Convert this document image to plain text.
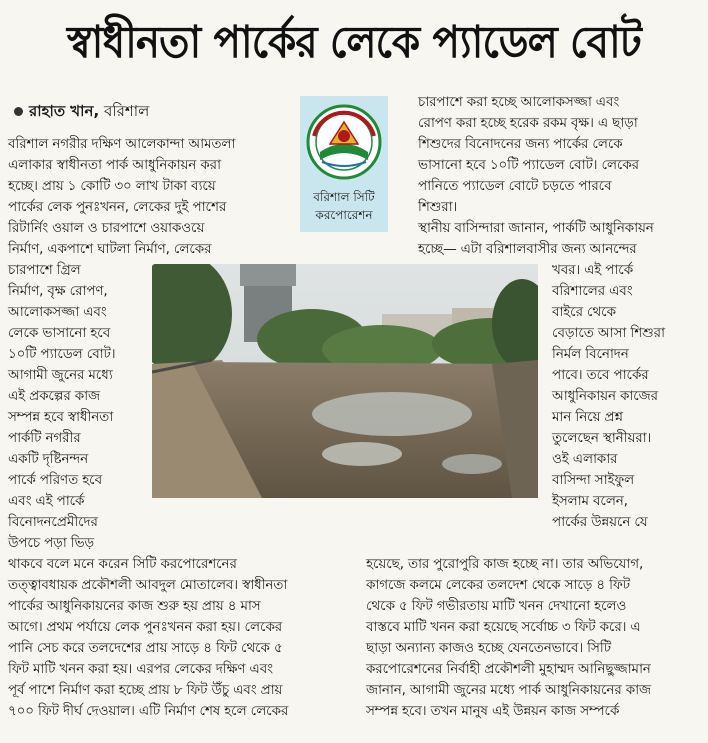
স্বাধীনতা পার্কের লেকে প্যাডেল বোট
রাহাত খান, বরিশাল
বরিশাল সিটি
করপোরেশন
বরিশাল নগরীর দক্ষিণ আলেকান্দা আমতলা
এলাকার স্বাধীনতা পার্ক আধুনিকায়ন করা
হচ্ছে। প্রায় ১ কোটি ৩০ লাখ টাকা ব্যয়ে
পার্কের লেক পুনঃখনন, লেকের দুই পাশের
রিটার্নিং ওয়াল ও চারপাশে ওয়াকওয়ে
নির্মাণ, একপাশে ঘাটলা নির্মাণ, লেকের
চারপাশে গ্রিল
নির্মাণ, বৃক্ষ রোপণ,
আলোকসজ্জা এবং
লেকে ভাসানো হবে
১০টি প্যাডেল বোট।
আগামী জুনের মধ্যে
এই প্রকল্পের কাজ
সম্পন্ন হবে স্বাধীনতা
পার্কটি নগরীর
একটি দৃষ্টিনন্দন
পার্কে পরিণত হবে
এবং এই পার্কে
বিনোদনপ্রেমীদের
উপচে পড়া ভিড়
থাকবে বলে মনে করেন সিটি করপোরেশনের
তত্ত্বাবধায়ক প্রকৌশলী আবদুল মোতালেব। স্বাধীনতা
পার্কের আধুনিকায়নের কাজ শুরু হয় প্রায় ৪ মাস
আগে। প্রথম পর্যায়ে লেক পুনঃখনন করা হয়। লেকের
পানি সেচ করে তলদেশের প্রায় সাড়ে ৪ ফিট থেকে ৫
ফিট মাটি খনন করা হয়। এরপর লেকের দক্ষিণ এবং
পূর্ব পাশে নির্মাণ করা হচ্ছে প্রায় ৮ ফিট উঁচু এবং প্রায়
৭০০ ফিট দীর্ঘ দেওয়াল। এটি নির্মাণ শেষ হলে লেকের
চারপাশে করা হচ্ছে আলোকসজ্জা এবং
রোপণ করা হচ্ছে হরেক রকম বৃক্ষ। এ ছাড়া
শিশুদের বিনোদনের জন্য পার্কের লেকে
ভাসানো হবে ১০টি প্যাডেল বোট। লেকের
পানিতে প্যাডেল বোটে চড়তে পারবে
শিশুরা।
স্থানীয় বাসিন্দারা জানান, পার্কটি আধুনিকায়ন
হচ্ছে— এটা বরিশালবাসীর জন্য আনন্দের
খবর। এই পার্কে
বরিশালের এবং
বাইরে থেকে
বেড়াতে আসা শিশুরা
নির্মল বিনোদন
পাবে। তবে পার্কের
আধুনিকায়ন কাজের
মান নিয়ে প্রশ্ন
তুলেছেন স্থানীয়রা।
ওই এলাকার
বাসিন্দা সাইফুল
ইসলাম বলেন,
পার্কের উন্নয়নে যে
হয়েছে, তার পুরোপুরি কাজ হচ্ছে না। তার অভিযোগ,
কাগজে কলমে লেকের তলদেশ থেকে সাড়ে ৪ ফিট
থেকে ৫ ফিট গভীরতায় মাটি খনন দেখানো হলেও
বাস্তবে মাটি খনন করা হয়েছে সর্বোচ্চ ৩ ফিট করে। এ
ছাড়া অন্যান্য কাজও হচ্ছে যেনতেনভাবে। সিটি
করপোরেশনের নির্বাহী প্রকৌশলী মুহাম্মদ আনিছুজ্জামান
জানান, আগামী জুনের মধ্যে পার্ক আধুনিকায়নের কাজ
সম্পন্ন হবে। তখন মানুষ এই উন্নয়ন কাজ সম্পর্কে
